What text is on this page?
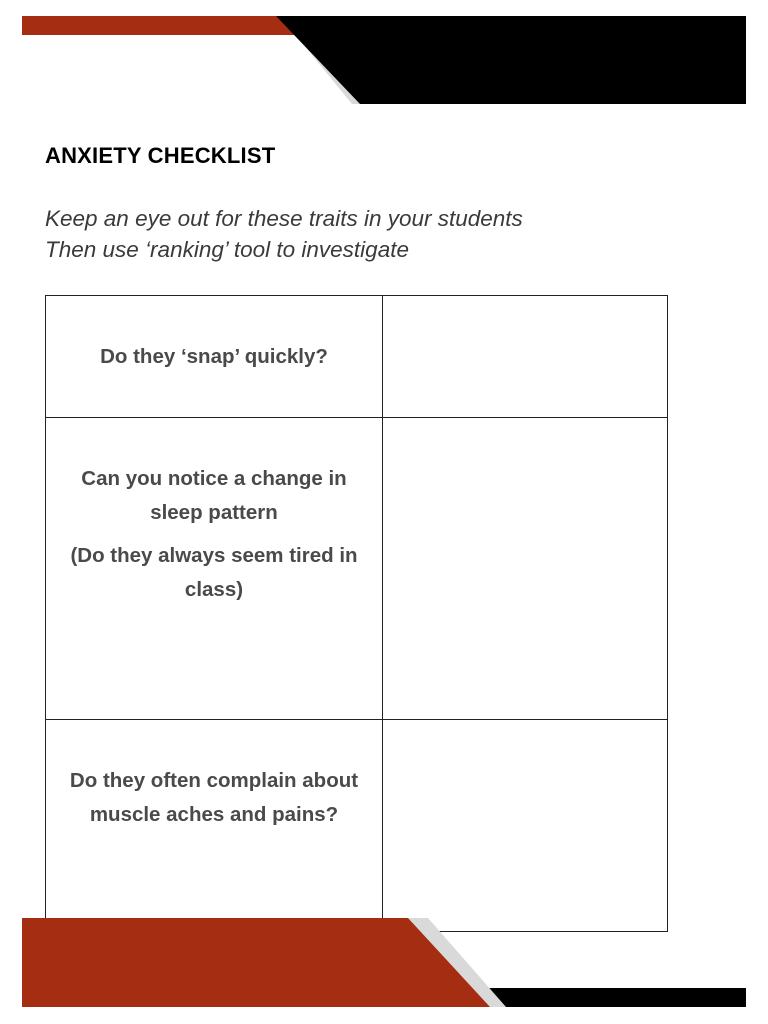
ANXIETY CHECKLIST

Keep an eye out for these traits in your students
Then use ‘ranking’ tool to investigate

Do they ‘snap’ quickly?	

Can you notice a change in
sleep pattern
(Do they always seem tired in
class)	

Do they often complain about
muscle aches and pains?	
